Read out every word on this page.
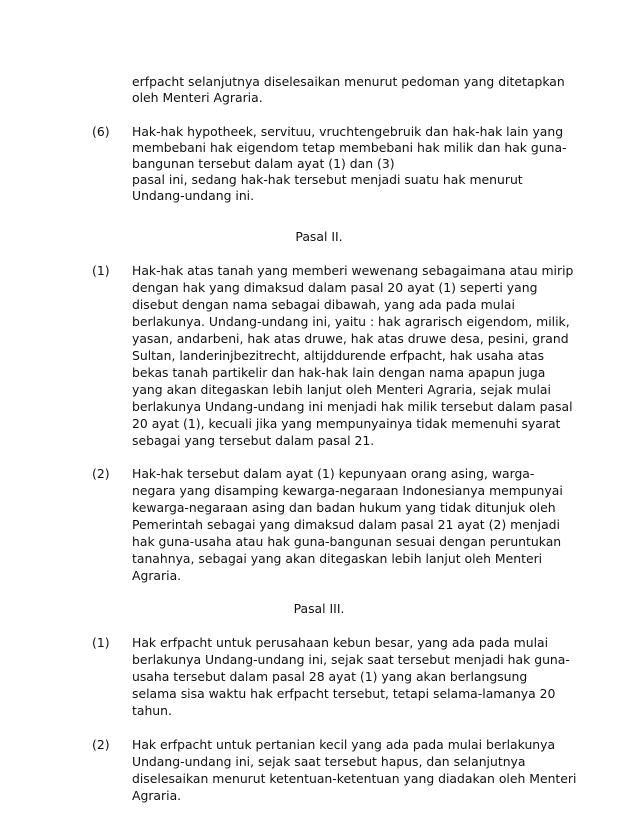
erfpacht selanjutnya diselesaikan menurut pedoman yang ditetapkan
oleh Menteri Agraria.
(6) Hak-hak hypotheek, servituu, vruchtengebruik dan hak-hak lain yang
membebani hak eigendom tetap membebani hak milik dan hak guna-
bangunan tersebut dalam ayat (1) dan (3)
pasal ini, sedang hak-hak tersebut menjadi suatu hak menurut
Undang-undang ini.
Pasal II.
(1) Hak-hak atas tanah yang memberi wewenang sebagaimana atau mirip
dengan hak yang dimaksud dalam pasal 20 ayat (1) seperti yang
disebut dengan nama sebagai dibawah, yang ada pada mulai
berlakunya. Undang-undang ini, yaitu : hak agrarisch eigendom, milik,
yasan, andarbeni, hak atas druwe, hak atas druwe desa, pesini, grand
Sultan, landerinjbezitrecht, altijddurende erfpacht, hak usaha atas
bekas tanah partikelir dan hak-hak lain dengan nama apapun juga
yang akan ditegaskan lebih lanjut oleh Menteri Agraria, sejak mulai
berlakunya Undang-undang ini menjadi hak milik tersebut dalam pasal
20 ayat (1), kecuali jika yang mempunyainya tidak memenuhi syarat
sebagai yang tersebut dalam pasal 21.
(2) Hak-hak tersebut dalam ayat (1) kepunyaan orang asing, warga-
negara yang disamping kewarga-negaraan Indonesianya mempunyai
kewarga-negaraan asing dan badan hukum yang tidak ditunjuk oleh
Pemerintah sebagai yang dimaksud dalam pasal 21 ayat (2) menjadi
hak guna-usaha atau hak guna-bangunan sesuai dengan peruntukan
tanahnya, sebagai yang akan ditegaskan lebih lanjut oleh Menteri
Agraria.
Pasal III.
(1) Hak erfpacht untuk perusahaan kebun besar, yang ada pada mulai
berlakunya Undang-undang ini, sejak saat tersebut menjadi hak guna-
usaha tersebut dalam pasal 28 ayat (1) yang akan berlangsung
selama sisa waktu hak erfpacht tersebut, tetapi selama-lamanya 20
tahun.
(2) Hak erfpacht untuk pertanian kecil yang ada pada mulai berlakunya
Undang-undang ini, sejak saat tersebut hapus, dan selanjutnya
diselesaikan menurut ketentuan-ketentuan yang diadakan oleh Menteri
Agraria.
